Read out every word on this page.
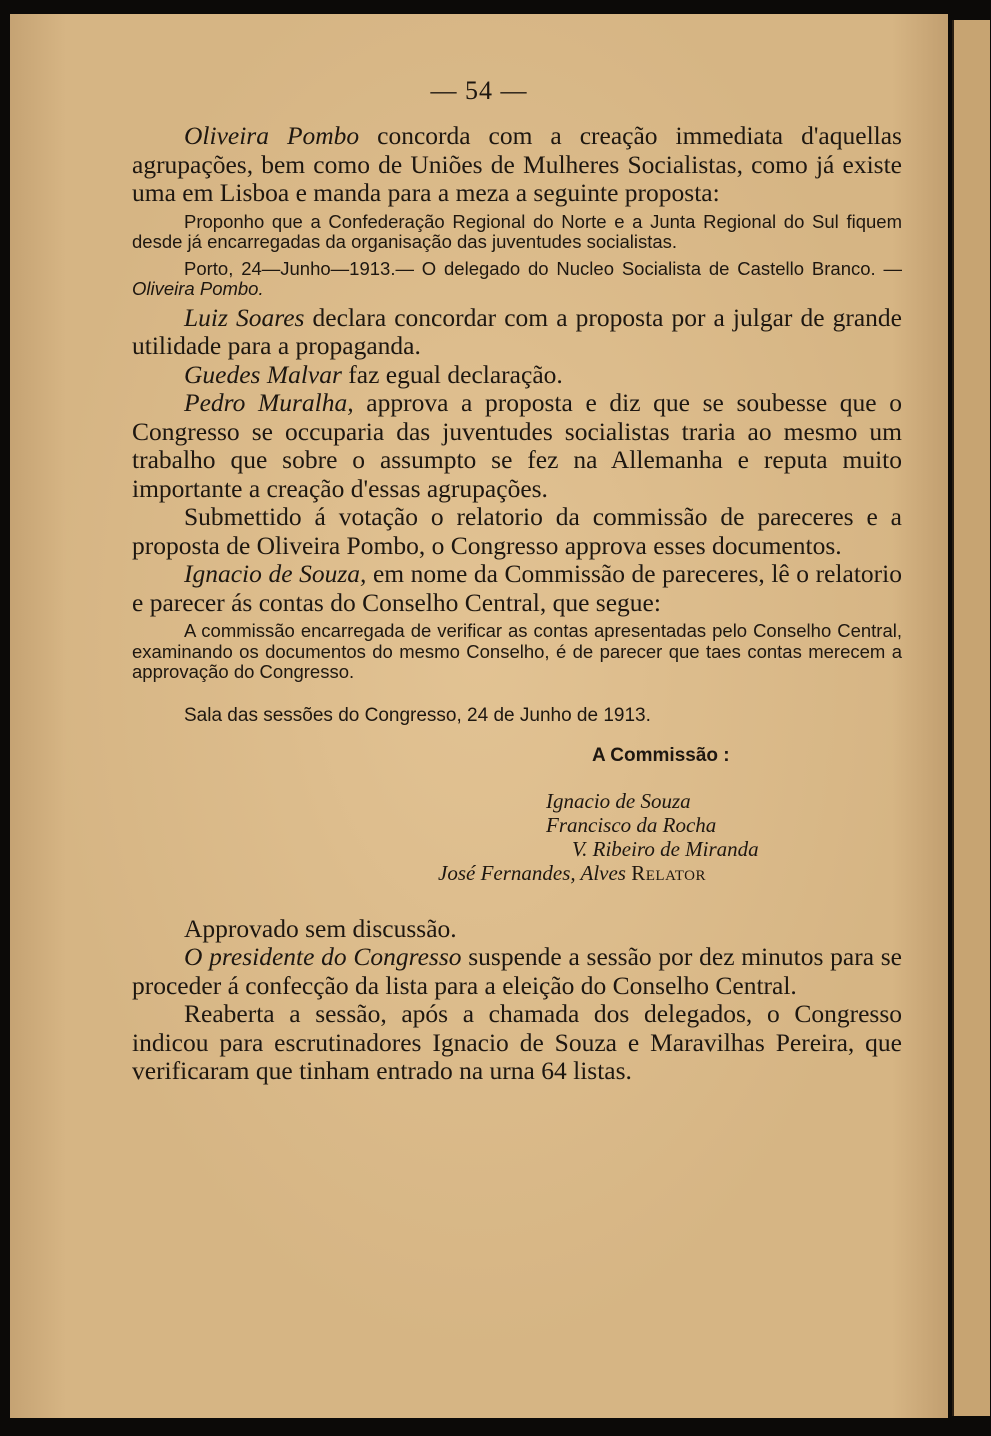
— 54 —

Oliveira Pombo concorda com a creação immediata d'aquellas agrupações, bem como de Uniões de Mulheres Socialistas, como já existe uma em Lisboa e manda para a meza a seguinte proposta:

Proponho que a Confederação Regional do Norte e a Junta Regional do Sul fiquem desde já encarregadas da organisação das juventudes socialistas.

Porto, 24—Junho—1913.— O delegado do Nucleo Socialista de Castello Branco. — Oliveira Pombo.

Luiz Soares declara concordar com a proposta por a julgar de grande utilidade para a propaganda.

Guedes Malvar faz egual declaração.

Pedro Muralha, approva a proposta e diz que se soubesse que o Congresso se occuparia das juventudes socialistas traria ao mesmo um trabalho que sobre o assumpto se fez na Allemanha e reputa muito importante a creação d'essas agrupações.

Submettido á votação o relatorio da commissão de pareceres e a proposta de Oliveira Pombo, o Congresso approva esses documentos.

Ignacio de Souza, em nome da Commissão de pareceres, lê o relatorio e parecer ás contas do Conselho Central, que segue:

A commissão encarregada de verificar as contas apresentadas pelo Conselho Central, examinando os documentos do mesmo Conselho, é de parecer que taes contas merecem a approvação do Congresso.

Sala das sessões do Congresso, 24 de Junho de 1913.
A Commissão :
Ignacio de Souza
Francisco da Rocha
V. Ribeiro de Miranda
José Fernandes, Alves Relator

Approvado sem discussão.

O presidente do Congresso suspende a sessão por dez minutos para se proceder á confecção da lista para a eleição do Conselho Central.

Reaberta a sessão, após a chamada dos delegados, o Congresso indicou para escrutinadores Ignacio de Souza e Maravilhas Pereira, que verificaram que tinham entrado na urna 64 listas.
